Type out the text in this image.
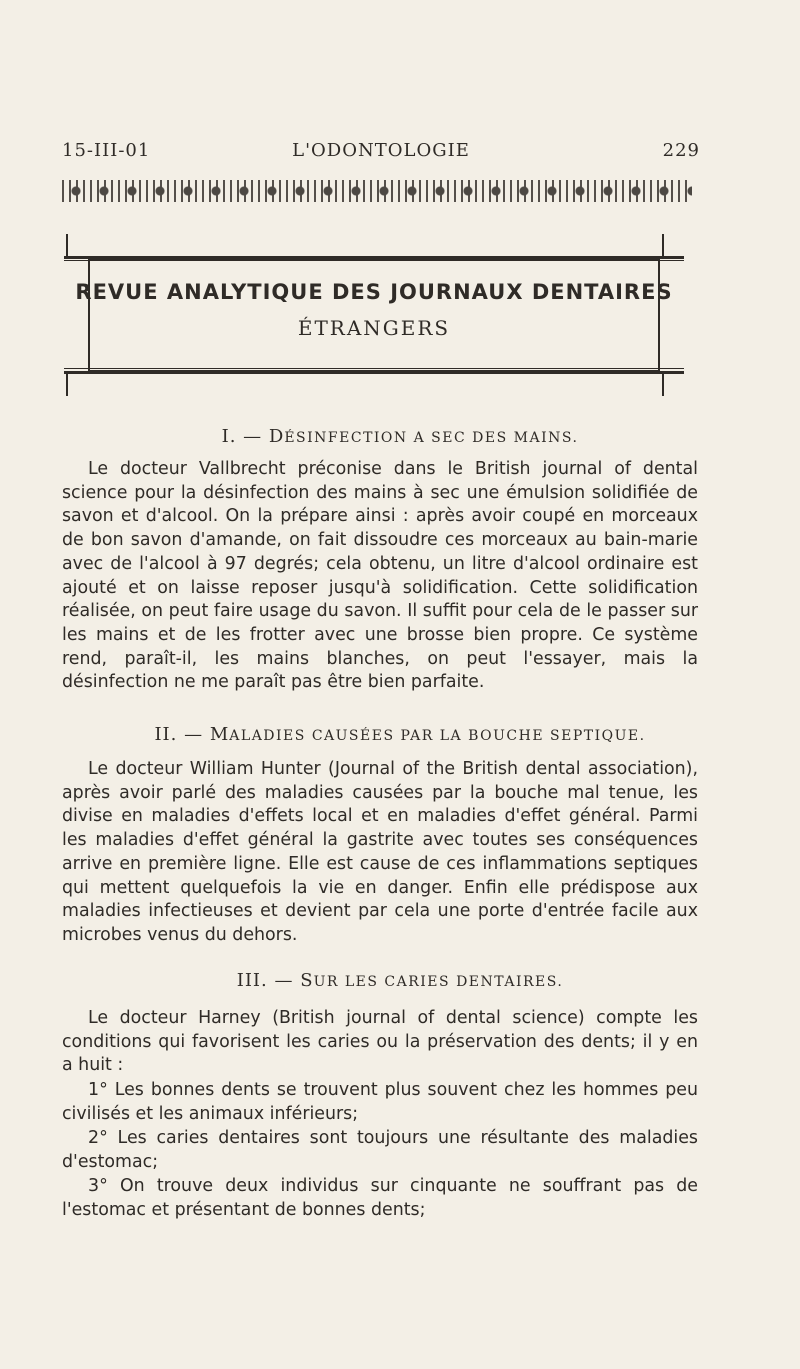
15-III-01	L'ODONTOLOGIE	229
REVUE ANALYTIQUE DES JOURNAUX DENTAIRES
ÉTRANGERS
I. — DÉSINFECTION A SEC DES MAINS.
Le docteur Vallbrecht préconise dans le British journal of dental science pour la désinfection des mains à sec une émulsion solidifiée de savon et d'alcool. On la prépare ainsi : après avoir coupé en morceaux de bon savon d'amande, on fait dissoudre ces morceaux au bain-marie avec de l'alcool à 97 degrés; cela obtenu, un litre d'alcool ordinaire est ajouté et on laisse reposer jusqu'à solidification. Cette solidification réalisée, on peut faire usage du savon. Il suffit pour cela de le passer sur les mains et de les frotter avec une brosse bien propre. Ce système rend, paraît-il, les mains blanches, on peut l'essayer, mais la désinfection ne me paraît pas être bien parfaite.
II. — MALADIES CAUSÉES PAR LA BOUCHE SEPTIQUE.
Le docteur William Hunter (Journal of the British dental association), après avoir parlé des maladies causées par la bouche mal tenue, les divise en maladies d'effets local et en maladies d'effet général. Parmi les maladies d'effet général la gastrite avec toutes ses conséquences arrive en première ligne. Elle est cause de ces inflammations septiques qui mettent quelquefois la vie en danger. Enfin elle prédispose aux maladies infectieuses et devient par cela une porte d'entrée facile aux microbes venus du dehors.
III. — SUR LES CARIES DENTAIRES.
Le docteur Harney (British journal of dental science) compte les conditions qui favorisent les caries ou la préservation des dents; il y en a huit :
1° Les bonnes dents se trouvent plus souvent chez les hommes peu civilisés et les animaux inférieurs;
2° Les caries dentaires sont toujours une résultante des maladies d'estomac;
3° On trouve deux individus sur cinquante ne souffrant pas de l'estomac et présentant de bonnes dents;
